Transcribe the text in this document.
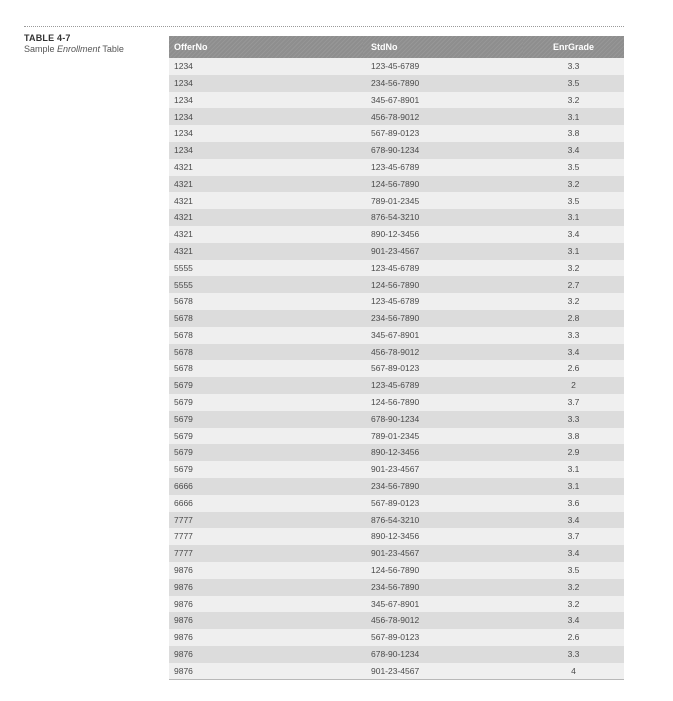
TABLE 4-7
Sample Enrollment Table	OfferNo	StdNo	EnrGrade
1234	123-45-6789	3.3
1234	234-56-7890	3.5
1234	345-67-8901	3.2
1234	456-78-9012	3.1
1234	567-89-0123	3.8
1234	678-90-1234	3.4
4321	123-45-6789	3.5
4321	124-56-7890	3.2
4321	789-01-2345	3.5
4321	876-54-3210	3.1
4321	890-12-3456	3.4
4321	901-23-4567	3.1
5555	123-45-6789	3.2
5555	124-56-7890	2.7
5678	123-45-6789	3.2
5678	234-56-7890	2.8
5678	345-67-8901	3.3
5678	456-78-9012	3.4
5678	567-89-0123	2.6
5679	123-45-6789	2
5679	124-56-7890	3.7
5679	678-90-1234	3.3
5679	789-01-2345	3.8
5679	890-12-3456	2.9
5679	901-23-4567	3.1
6666	234-56-7890	3.1
6666	567-89-0123	3.6
7777	876-54-3210	3.4
7777	890-12-3456	3.7
7777	901-23-4567	3.4
9876	124-56-7890	3.5
9876	234-56-7890	3.2
9876	345-67-8901	3.2
9876	456-78-9012	3.4
9876	567-89-0123	2.6
9876	678-90-1234	3.3
9876	901-23-4567	4
